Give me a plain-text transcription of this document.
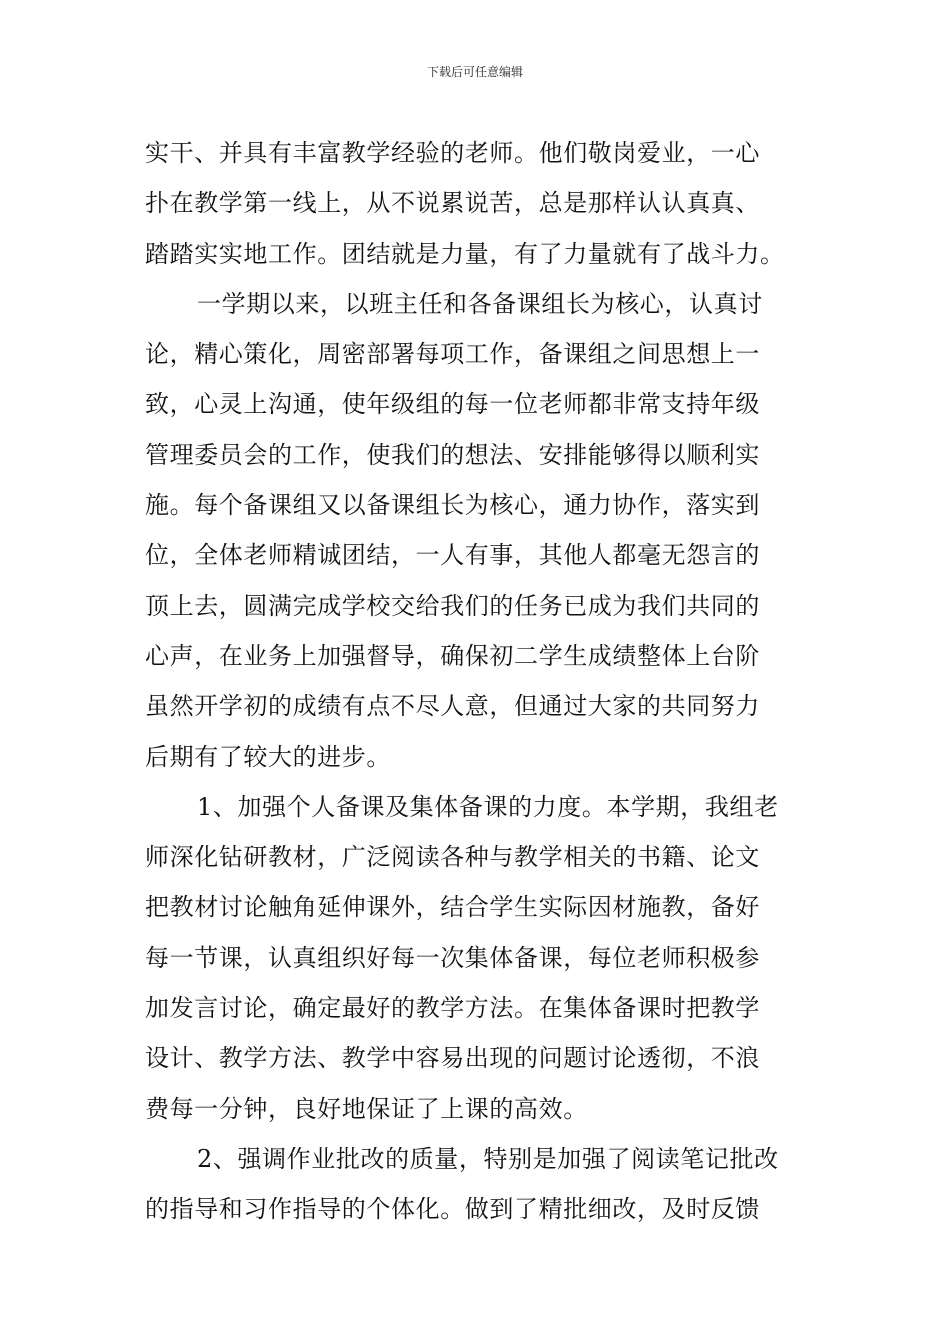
下载后可任意编辑
实干、并具有丰富教学经验的老师。他们敬岗爱业，一心
扑在教学第一线上，从不说累说苦，总是那样认认真真、
踏踏实实地工作。团结就是力量，有了力量就有了战斗力。
一学期以来，以班主任和各备课组长为核心，认真讨
论，精心策化，周密部署每项工作，备课组之间思想上一
致，心灵上沟通，使年级组的每一位老师都非常支持年级
管理委员会的工作，使我们的想法、安排能够得以顺利实
施。每个备课组又以备课组长为核心，通力协作，落实到
位，全体老师精诚团结，一人有事，其他人都毫无怨言的
顶上去，圆满完成学校交给我们的任务已成为我们共同的
心声，在业务上加强督导，确保初二学生成绩整体上台阶
虽然开学初的成绩有点不尽人意，但通过大家的共同努力
后期有了较大的进步。
1、加强个人备课及集体备课的力度。本学期，我组老
师深化钻研教材，广泛阅读各种与教学相关的书籍、论文
把教材讨论触角延伸课外，结合学生实际因材施教，备好
每一节课，认真组织好每一次集体备课，每位老师积极参
加发言讨论，确定最好的教学方法。在集体备课时把教学
设计、教学方法、教学中容易出现的问题讨论透彻，不浪
费每一分钟，良好地保证了上课的高效。
2、强调作业批改的质量，特别是加强了阅读笔记批改
的指导和习作指导的个体化。做到了精批细改，及时反馈
